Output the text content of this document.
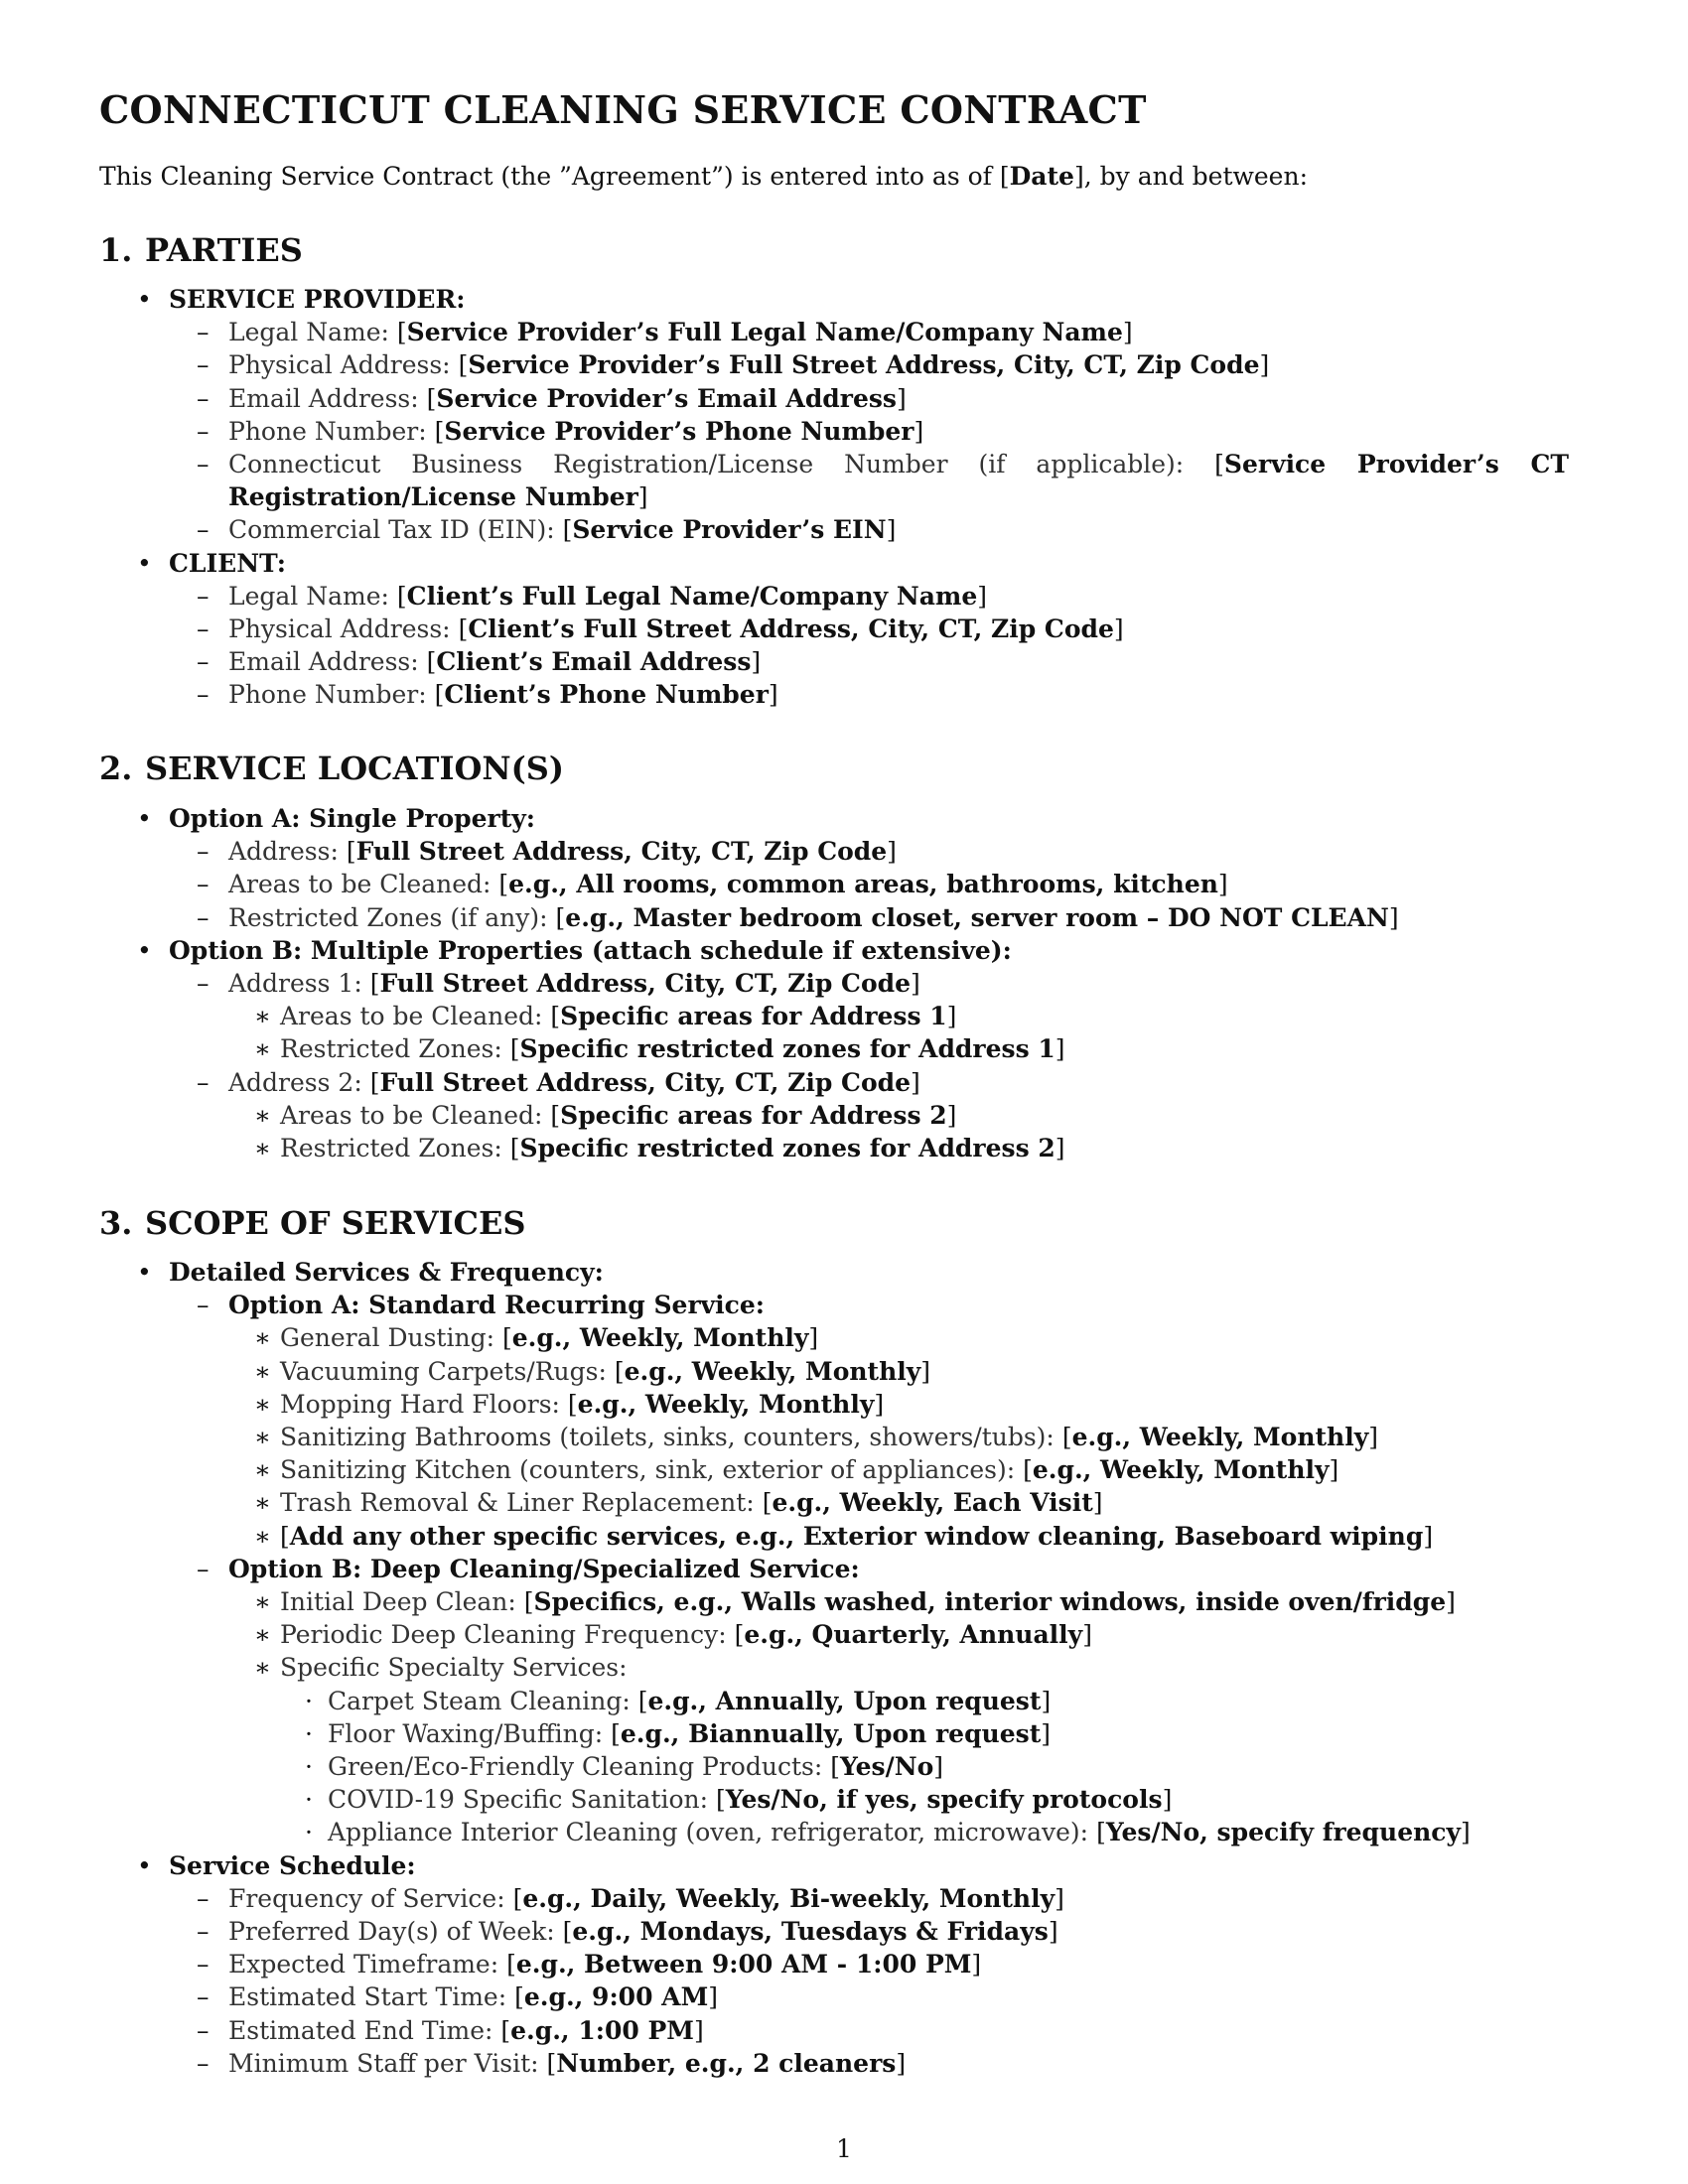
CONNECTICUT CLEANING SERVICE CONTRACT

This Cleaning Service Contract (the ”Agreement”) is entered into as of [Date], by and between:

1. PARTIES
• SERVICE PROVIDER:
– Legal Name: [Service Provider’s Full Legal Name/Company Name]
– Physical Address: [Service Provider’s Full Street Address, City, CT, Zip Code]
– Email Address: [Service Provider’s Email Address]
– Phone Number: [Service Provider’s Phone Number]
– Connecticut Business Registration/License Number (if applicable): [Service Provider’s CT Registration/License Number]
– Commercial Tax ID (EIN): [Service Provider’s EIN]
• CLIENT:
– Legal Name: [Client’s Full Legal Name/Company Name]
– Physical Address: [Client’s Full Street Address, City, CT, Zip Code]
– Email Address: [Client’s Email Address]
– Phone Number: [Client’s Phone Number]
2. SERVICE LOCATION(S)
• Option A: Single Property:
– Address: [Full Street Address, City, CT, Zip Code]
– Areas to be Cleaned: [e.g., All rooms, common areas, bathrooms, kitchen]
– Restricted Zones (if any): [e.g., Master bedroom closet, server room – DO NOT CLEAN]
• Option B: Multiple Properties (attach schedule if extensive):
– Address 1: [Full Street Address, City, CT, Zip Code]
∗ Areas to be Cleaned: [Specific areas for Address 1]
∗ Restricted Zones: [Specific restricted zones for Address 1]
– Address 2: [Full Street Address, City, CT, Zip Code]
∗ Areas to be Cleaned: [Specific areas for Address 2]
∗ Restricted Zones: [Specific restricted zones for Address 2]
3. SCOPE OF SERVICES
• Detailed Services & Frequency:
– Option A: Standard Recurring Service:
∗ General Dusting: [e.g., Weekly, Monthly]
∗ Vacuuming Carpets/Rugs: [e.g., Weekly, Monthly]
∗ Mopping Hard Floors: [e.g., Weekly, Monthly]
∗ Sanitizing Bathrooms (toilets, sinks, counters, showers/tubs): [e.g., Weekly, Monthly]
∗ Sanitizing Kitchen (counters, sink, exterior of appliances): [e.g., Weekly, Monthly]
∗ Trash Removal & Liner Replacement: [e.g., Weekly, Each Visit]
∗ [Add any other specific services, e.g., Exterior window cleaning, Baseboard wiping]
– Option B: Deep Cleaning/Specialized Service:
∗ Initial Deep Clean: [Specifics, e.g., Walls washed, interior windows, inside oven/fridge]
∗ Periodic Deep Cleaning Frequency: [e.g., Quarterly, Annually]
∗ Specific Specialty Services:
· Carpet Steam Cleaning: [e.g., Annually, Upon request]
· Floor Waxing/Buffing: [e.g., Biannually, Upon request]
· Green/Eco-Friendly Cleaning Products: [Yes/No]
· COVID-19 Specific Sanitation: [Yes/No, if yes, specify protocols]
· Appliance Interior Cleaning (oven, refrigerator, microwave): [Yes/No, specify frequency]
• Service Schedule:
– Frequency of Service: [e.g., Daily, Weekly, Bi-weekly, Monthly]
– Preferred Day(s) of Week: [e.g., Mondays, Tuesdays & Fridays]
– Expected Timeframe: [e.g., Between 9:00 AM - 1:00 PM]
– Estimated Start Time: [e.g., 9:00 AM]
– Estimated End Time: [e.g., 1:00 PM]
– Minimum Staff per Visit: [Number, e.g., 2 cleaners]
1
